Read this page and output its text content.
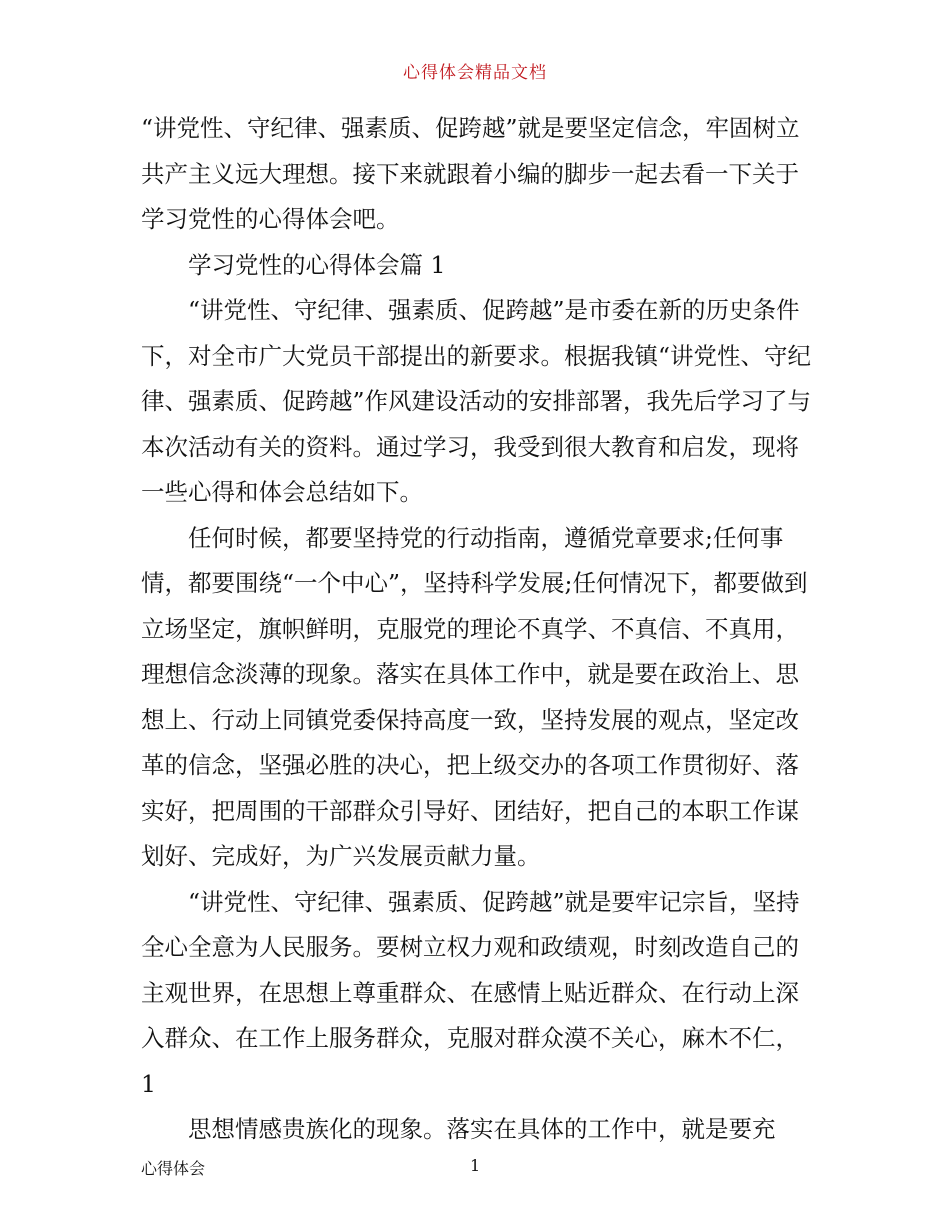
心得体会精品文档

“讲党性、守纪律、强素质、促跨越”就是要坚定信念，牢固树立共产主义远大理想。接下来就跟着小编的脚步一起去看一下关于学习党性的心得体会吧。

学习党性的心得体会篇 1

“讲党性、守纪律、强素质、促跨越”是市委在新的历史条件下，对全市广大党员干部提出的新要求。根据我镇“讲党性、守纪律、强素质、促跨越”作风建设活动的安排部署，我先后学习了与本次活动有关的资料。通过学习，我受到很大教育和启发，现将一些心得和体会总结如下。

任何时候，都要坚持党的行动指南，遵循党章要求;任何事情，都要围绕“一个中心”，坚持科学发展;任何情况下，都要做到立场坚定，旗帜鲜明，克服党的理论不真学、不真信、不真用，理想信念淡薄的现象。落实在具体工作中，就是要在政治上、思想上、行动上同镇党委保持高度一致，坚持发展的观点，坚定改革的信念，坚强必胜的决心，把上级交办的各项工作贯彻好、落实好，把周围的干部群众引导好、团结好，把自己的本职工作谋划好、完成好，为广兴发展贡献力量。

“讲党性、守纪律、强素质、促跨越”就是要牢记宗旨，坚持全心全意为人民服务。要树立权力观和政绩观，时刻改造自己的主观世界，在思想上尊重群众、在感情上贴近群众、在行动上深入群众、在工作上服务群众，克服对群众漠不关心，麻木不仁， 1

思想情感贵族化的现象。落实在具体的工作中，就是要充

心得体会	1
